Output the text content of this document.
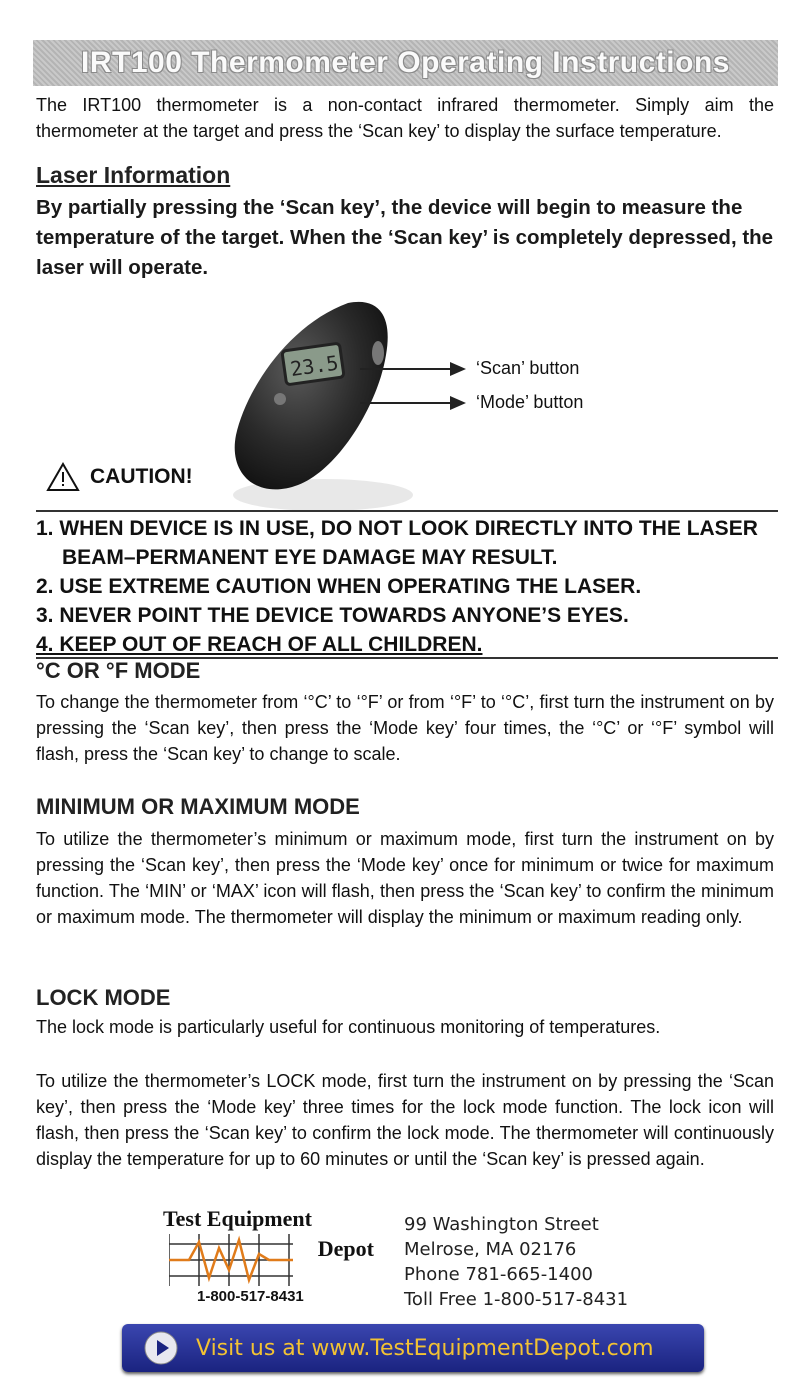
IRT100 Thermometer Operating Instructions

The IRT100 thermometer is a non-contact infrared thermometer. Simply aim the thermometer at the target and press the ‘Scan key’ to display the surface temperature.

Laser Information

By partially pressing the ‘Scan key’, the device will begin to measure the temperature of the target. When the ‘Scan key’ is completely depressed, the laser will operate.

23.5	‘Scan’ button
‘Mode’ button
CAUTION!
1. WHEN DEVICE IS IN USE, DO NOT LOOK DIRECTLY INTO THE LASER
BEAM–PERMANENT EYE DAMAGE MAY RESULT.
2. USE EXTREME CAUTION WHEN OPERATING THE LASER.
3. NEVER POINT THE DEVICE TOWARDS ANYONE’S EYES.
4. KEEP OUT OF REACH OF ALL CHILDREN.
°C OR °F MODE

To change the thermometer from ‘°C’ to ‘°F’ or from ‘°F’ to ‘°C’, first turn the instrument on by pressing the ‘Scan key’, then press the ‘Mode key’ four times, the ‘°C’ or ‘°F’ symbol will flash, press the ‘Scan key’ to change to scale.

MINIMUM OR MAXIMUM MODE

To utilize the thermometer’s minimum or maximum mode, first turn the instrument on by pressing the ‘Scan key’, then press the ‘Mode key’ once for minimum or twice for maximum function. The ‘MIN’ or ‘MAX’ icon will flash, then press the ‘Scan key’ to confirm the minimum or maximum mode. The thermometer will display the minimum or maximum reading only.

LOCK MODE

The lock mode is particularly useful for continuous monitoring of temperatures.

To utilize the thermometer’s LOCK mode, first turn the instrument on by pressing the ‘Scan key’, then press the ‘Mode key’ three times for the lock mode function. The lock icon will flash, then press the ‘Scan key’ to confirm the lock mode. The thermometer will continuously display the temperature for up to 60 minutes or until the ‘Scan key’ is pressed again.

Test Equipment
Depot
1-800-517-8431
99 Washington Street
Melrose, MA 02176
Phone 781-665-1400
Toll Free 1-800-517-8431
Visit us at www.TestEquipmentDepot.com
